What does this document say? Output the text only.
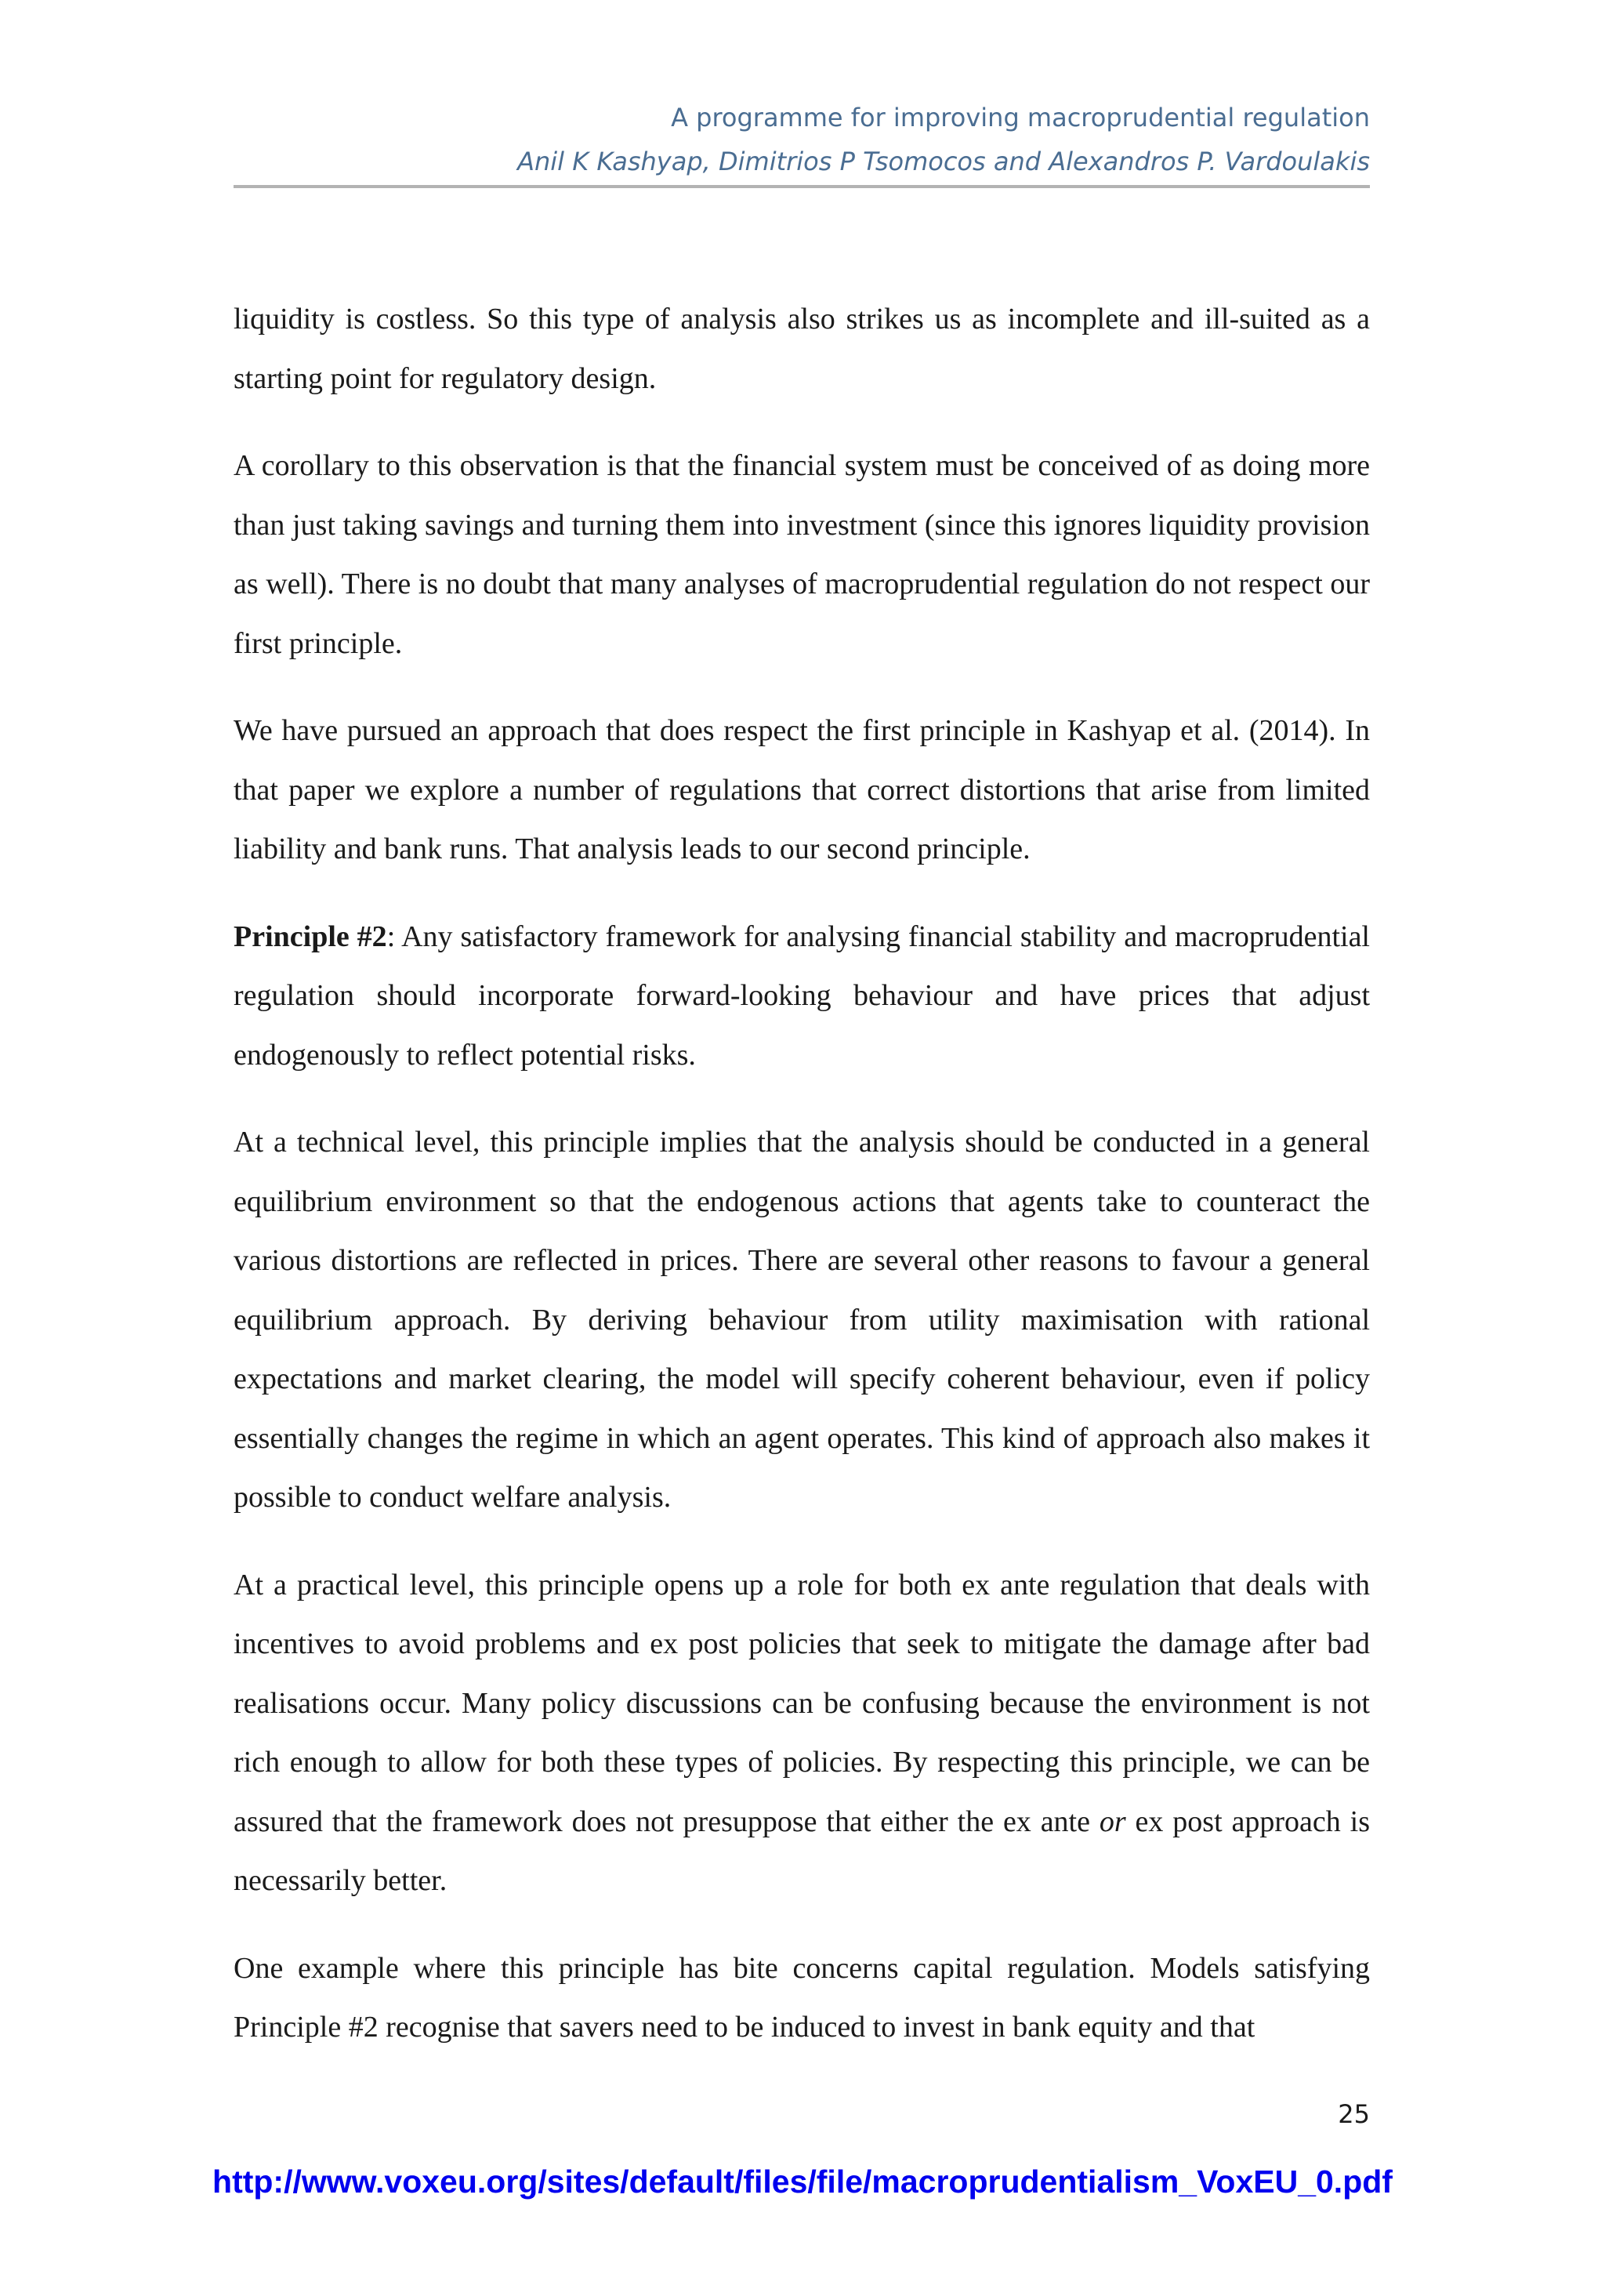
A programme for improving macroprudential regulation
Anil K Kashyap, Dimitrios P Tsomocos and Alexandros P. Vardoulakis

liquidity is costless. So this type of analysis also strikes us as incomplete and ill-suited as a starting point for regulatory design.

A corollary to this observation is that the financial system must be conceived of as doing more than just taking savings and turning them into investment (since this ignores liquidity provision as well). There is no doubt that many analyses of macroprudential regulation do not respect our first principle.

We have pursued an approach that does respect the first principle in Kashyap et al. (2014). In that paper we explore a number of regulations that correct distortions that arise from limited liability and bank runs. That analysis leads to our second principle.

Principle #2: Any satisfactory framework for analysing financial stability and macroprudential regulation should incorporate forward-looking behaviour and have prices that adjust endogenously to reflect potential risks.

At a technical level, this principle implies that the analysis should be conducted in a general equilibrium environment so that the endogenous actions that agents take to counteract the various distortions are reflected in prices. There are several other reasons to favour a general equilibrium approach. By deriving behaviour from utility maximisation with rational expectations and market clearing, the model will specify coherent behaviour, even if policy essentially changes the regime in which an agent operates. This kind of approach also makes it possible to conduct welfare analysis.

At a practical level, this principle opens up a role for both ex ante regulation that deals with incentives to avoid problems and ex post policies that seek to mitigate the damage after bad realisations occur. Many policy discussions can be confusing because the environment is not rich enough to allow for both these types of policies. By respecting this principle, we can be assured that the framework does not presuppose that either the ex ante or ex post approach is necessarily better.

One example where this principle has bite concerns capital regulation. Models satisfying Principle #2 recognise that savers need to be induced to invest in bank equity and that

25
http://www.voxeu.org/sites/default/files/file/macroprudentialism_VoxEU_0.pdf
